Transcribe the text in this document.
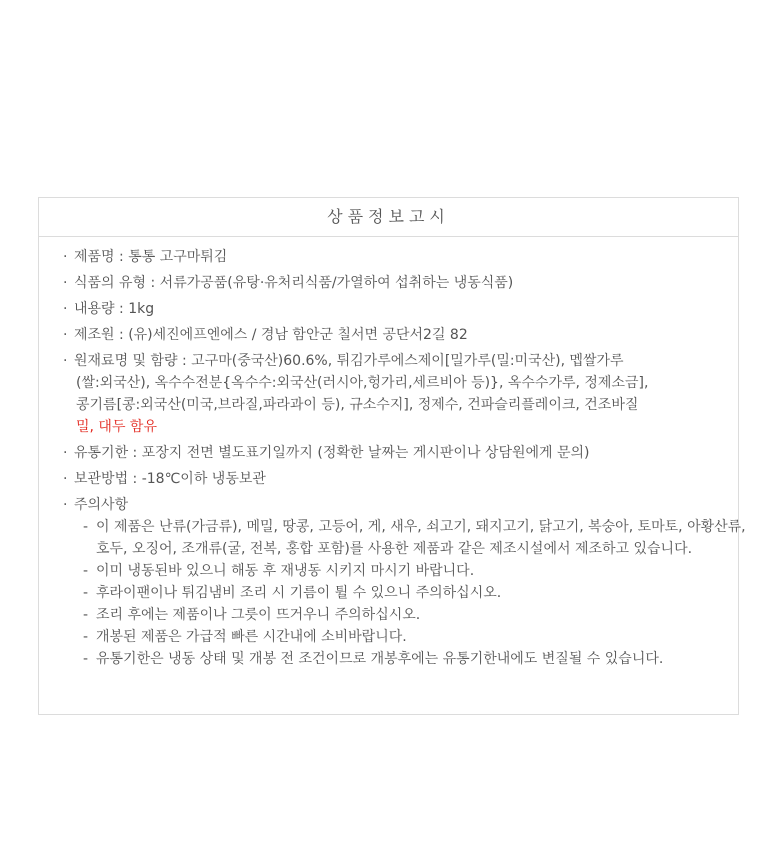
상품정보고시
· 제품명 : 통통 고구마튀김
· 식품의 유형 : 서류가공품(유탕·유처리식품/가열하여 섭취하는 냉동식품)
· 내용량 : 1kg
· 제조원 : (유)세진에프엔에스 / 경남 함안군 칠서면 공단서2길 82
· 원재료명 및 함량 : 고구마(중국산)60.6%, 튀김가루에스제이[밀가루(밀:미국산), 멥쌀가루
(쌀:외국산), 옥수수전분{옥수수:외국산(러시아,헝가리,세르비아 등)}, 옥수수가루, 정제소금],
콩기름[콩:외국산(미국,브라질,파라과이 등), 규소수지], 정제수, 건파슬리플레이크, 건조바질
밀, 대두 함유
· 유통기한 : 포장지 전면 별도표기일까지 (정확한 날짜는 게시판이나 상담원에게 문의)
· 보관방법 : -18℃이하 냉동보관
· 주의사항
- 이 제품은 난류(가금류), 메밀, 땅콩, 고등어, 게, 새우, 쇠고기, 돼지고기, 닭고기, 복숭아, 토마토, 아황산류,
호두, 오징어, 조개류(굴, 전복, 홍합 포함)를 사용한 제품과 같은 제조시설에서 제조하고 있습니다.
- 이미 냉동된바 있으니 해동 후 재냉동 시키지 마시기 바랍니다.
- 후라이팬이나 튀김냄비 조리 시 기름이 튈 수 있으니 주의하십시오.
- 조리 후에는 제품이나 그릇이 뜨거우니 주의하십시오.
- 개봉된 제품은 가급적 빠른 시간내에 소비바랍니다.
- 유통기한은 냉동 상태 및 개봉 전 조건이므로 개봉후에는 유통기한내에도 변질될 수 있습니다.
